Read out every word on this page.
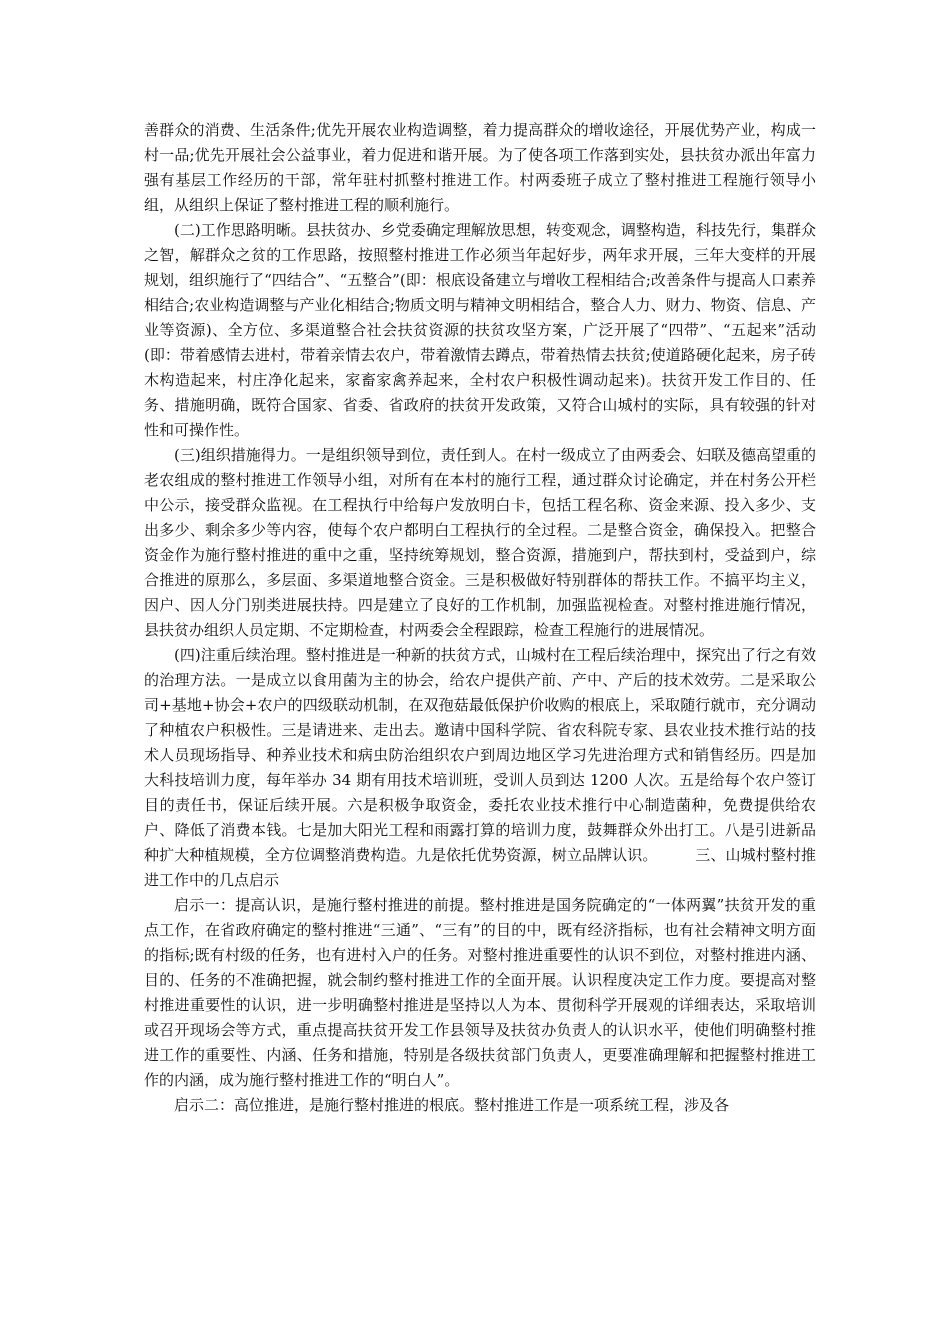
善群众的消费、生活条件;优先开展农业构造调整，着力提高群众的增收途径，开展优势产业，构成一村一品;优先开展社会公益事业，着力促进和谐开展。为了使各项工作落到实处，县扶贫办派出年富力强有基层工作经历的干部，常年驻村抓整村推进工作。村两委班子成立了整村推进工程施行领导小组，从组织上保证了整村推进工程的顺利施行。

(二)工作思路明晰。县扶贫办、乡党委确定理解放思想，转变观念，调整构造，科技先行，集群众之智，解群众之贫的工作思路，按照整村推进工作必须当年起好步，两年求开展，三年大变样的开展规划，组织施行了“四结合”、“五整合”(即：根底设备建立与增收工程相结合;改善条件与提高人口素养相结合;农业构造调整与产业化相结合;物质文明与精神文明相结合，整合人力、财力、物资、信息、产业等资源)、全方位、多渠道整合社会扶贫资源的扶贫攻坚方案，广泛开展了“四带”、“五起来”活动(即：带着感情去进村，带着亲情去农户，带着激情去蹲点，带着热情去扶贫;使道路硬化起来，房子砖木构造起来，村庄净化起来，家畜家禽养起来，全村农户积极性调动起来)。扶贫开发工作目的、任务、措施明确，既符合国家、省委、省政府的扶贫开发政策，又符合山城村的实际，具有较强的针对性和可操作性。

(三)组织措施得力。一是组织领导到位，责任到人。在村一级成立了由两委会、妇联及德高望重的老农组成的整村推进工作领导小组，对所有在本村的施行工程，通过群众讨论确定，并在村务公开栏中公示，接受群众监视。在工程执行中给每户发放明白卡，包括工程名称、资金来源、投入多少、支出多少、剩余多少等内容，使每个农户都明白工程执行的全过程。二是整合资金，确保投入。把整合资金作为施行整村推进的重中之重，坚持统筹规划，整合资源，措施到户，帮扶到村，受益到户，综合推进的原那么，多层面、多渠道地整合资金。三是积极做好特别群体的帮扶工作。不搞平均主义，因户、因人分门别类进展扶持。四是建立了良好的工作机制，加强监视检查。对整村推进施行情况，县扶贫办组织人员定期、不定期检查，村两委会全程跟踪，检查工程施行的进展情况。

(四)注重后续治理。整村推进是一种新的扶贫方式，山城村在工程后续治理中，探究出了行之有效的治理方法。一是成立以食用菌为主的协会，给农户提供产前、产中、产后的技术效劳。二是采取公司+基地+协会+农户的四级联动机制，在双孢菇最低保护价收购的根底上，采取随行就市，充分调动了种植农户积极性。三是请进来、走出去。邀请中国科学院、省农科院专家、县农业技术推行站的技术人员现场指导、种养业技术和病虫防治组织农户到周边地区学习先进治理方式和销售经历。四是加大科技培训力度，每年举办 34 期有用技术培训班，受训人员到达 1200 人次。五是给每个农户签订目的责任书，保证后续开展。六是积极争取资金，委托农业技术推行中心制造菌种，免费提供给农户、降低了消费本钱。七是加大阳光工程和雨露打算的培训力度，鼓舞群众外出打工。八是引进新品种扩大种植规模，全方位调整消费构造。九是依托优势资源，树立品牌认识。　　　三、山城村整村推进工作中的几点启示

启示一：提高认识，是施行整村推进的前提。整村推进是国务院确定的“一体两翼”扶贫开发的重点工作，在省政府确定的整村推进“三通”、“三有”的目的中，既有经济指标，也有社会精神文明方面的指标;既有村级的任务，也有进村入户的任务。对整村推进重要性的认识不到位，对整村推进内涵、目的、任务的不准确把握，就会制约整村推进工作的全面开展。认识程度决定工作力度。要提高对整村推进重要性的认识，进一步明确整村推进是坚持以人为本、贯彻科学开展观的详细表达，采取培训或召开现场会等方式，重点提高扶贫开发工作县领导及扶贫办负责人的认识水平，使他们明确整村推进工作的重要性、内涵、任务和措施，特别是各级扶贫部门负责人，更要准确理解和把握整村推进工作的内涵，成为施行整村推进工作的“明白人”。

启示二：高位推进，是施行整村推进的根底。整村推进工作是一项系统工程，涉及各
